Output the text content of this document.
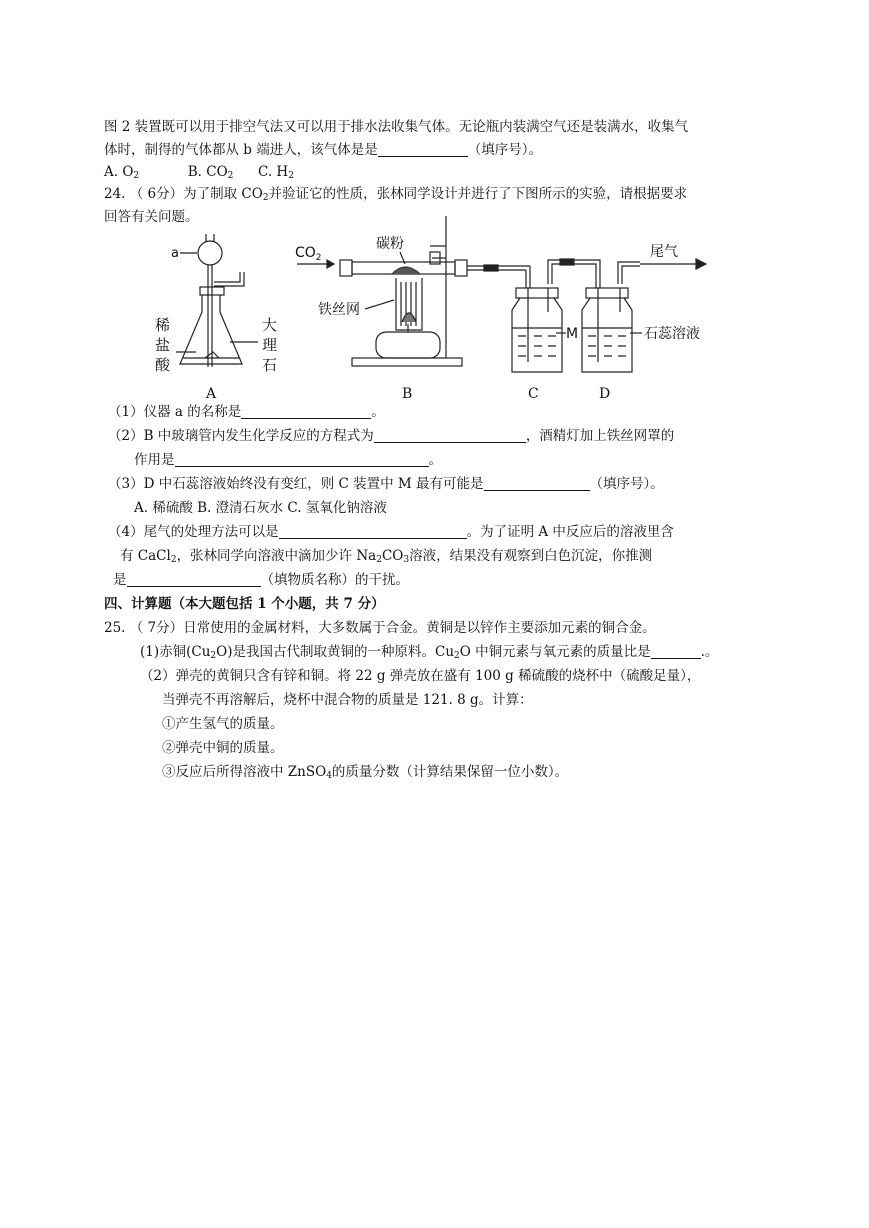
图 2 装置既可以用于排空气法又可以用于排水法收集气体。无论瓶内装满空气还是装满水，收集气
体时，制得的气体都从 b 端进人，该气体是是	（填序号）。
A. $O_2$	B. $CO_2$ C. $H_2$
24. （ 6分）为了制取 $CO_2$并验证它的性质，张林同学设计并进行了下图所示的实验，请根据要求
回答有关问题。
a
稀
盐
酸
大
理
石
A
$CO_2$
碳粉
铁丝网
B
M
C
石蕊溶液
D
尾气
（1）仪器 a 的名称是	。
（2）B 中玻璃管内发生化学反应的方程式为	，酒精灯加上铁丝网罩的
作用是	。
（3）D 中石蕊溶液始终没有变红，则 C 装置中 M 最有可能是	（填序号）。
A. 稀硫酸 B. 澄清石灰水 C. 氢氧化钠溶液
（4）尾气的处理方法可以是	。为了证明 A 中反应后的溶液里含
有 CaCl$_2$，张林同学向溶液中滴加少许 $Na_2CO_3$溶液，结果没有观察到白色沉淀，你推测
是	（填物质名称）的干扰。
四、计算题（本大题包括 1 个小题，共 7 分）
25. （ 7分）日常使用的金属材料，大多数属于合金。黄铜是以锌作主要添加元素的铜合金。
(1)赤铜$(Cu_2O)$是我国古代制取黄铜的一种原料。$Cu_2O$ 中铜元素与氧元素的质量比是	.。
（2）弹壳的黄铜只含有锌和铜。将 22 g 弹壳放在盛有 100 g 稀硫酸的烧杯中（硫酸足量），
当弹壳不再溶解后，烧杯中混合物的质量是 121. 8 g。计算：
①产生氢气的质量。
②弹壳中铜的质量。
③反应后所得溶液中 ZnSO$_4$的质量分数（计算结果保留一位小数）。
